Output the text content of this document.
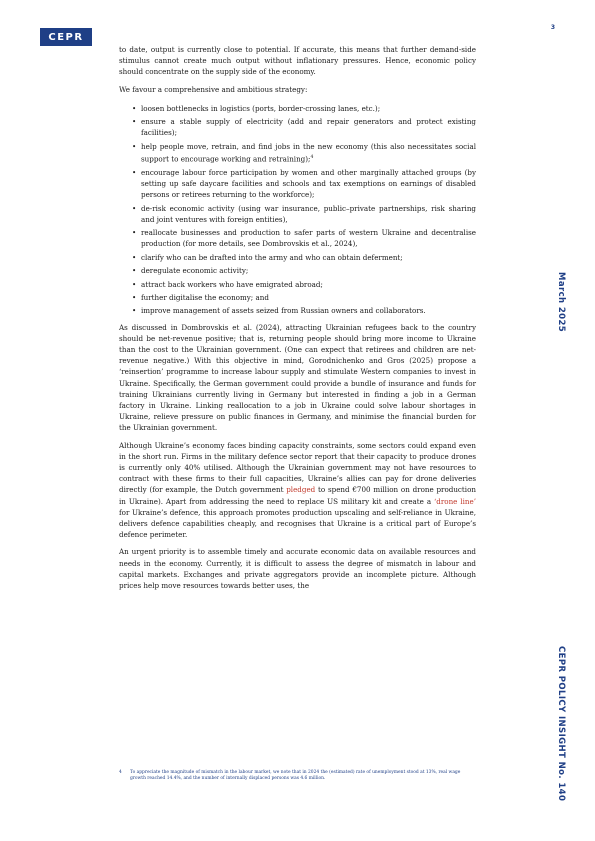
CEPR
3
March 2025
CEPR POLICY INSIGHT No. 140

to date, output is currently close to potential. If accurate, this means that further demand-side stimulus cannot create much output without inflationary pressures. Hence, economic policy should concentrate on the supply side of the economy.

We favour a comprehensive and ambitious strategy:

• loosen bottlenecks in logistics (ports, border-crossing lanes, etc.);
• ensure a stable supply of electricity (add and repair generators and protect existing facilities);
• help people move, retrain, and find jobs in the new economy (this also necessitates social support to encourage working and retraining);$^4$
• encourage labour force participation by women and other marginally attached groups (by setting up safe daycare facilities and schools and tax exemptions on earnings of disabled persons or retirees returning to the workforce);
• de-risk economic activity (using war insurance, public–private partnerships, risk sharing and joint ventures with foreign entities),
• reallocate businesses and production to safer parts of western Ukraine and decentralise production (for more details, see Dombrovskis et al., 2024),
• clarify who can be drafted into the army and who can obtain deferment;
• deregulate economic activity;
• attract back workers who have emigrated abroad;
• further digitalise the economy; and
• improve management of assets seized from Russian owners and collaborators.

As discussed in Dombrovskis et al. (2024), attracting Ukrainian refugees back to the country should be net-revenue positive; that is, returning people should bring more income to Ukraine than the cost to the Ukrainian government. (One can expect that retirees and children are net-revenue negative.) With this objective in mind, Gorodnichenko and Gros (2025) propose a ‘reinsertion’ programme to increase labour supply and stimulate Western companies to invest in Ukraine. Specifically, the German government could provide a bundle of insurance and funds for training Ukrainians currently living in Germany but interested in finding a job in a German factory in Ukraine. Linking reallocation to a job in Ukraine could solve labour shortages in Ukraine, relieve pressure on public finances in Germany, and minimise the financial burden for the Ukrainian government.

Although Ukraine’s economy faces binding capacity constraints, some sectors could expand even in the short run. Firms in the military defence sector report that their capacity to produce drones is currently only 40% utilised. Although the Ukrainian government may not have resources to contract with these firms to their full capacities, Ukraine’s allies can pay for drone deliveries directly (for example, the Dutch government pledged to spend €700 million on drone production in Ukraine). Apart from addressing the need to replace US military kit and create a ‘drone line’ for Ukraine’s defence, this approach promotes production upscaling and self-reliance in Ukraine, delivers defence capabilities cheaply, and recognises that Ukraine is a critical part of Europe’s defence perimeter.

An urgent priority is to assemble timely and accurate economic data on available resources and needs in the economy. Currently, it is difficult to assess the degree of mismatch in labour and capital markets. Exchanges and private aggregators provide an incomplete picture. Although prices help move resources towards better uses, the

4	To appreciate the magnitude of mismatch in the labour market, we note that in 2024 the (estimated) rate of unemployment stood at 13%, real wage growth reached 14.4%, and the number of internally displaced persons was 4.6 million.
